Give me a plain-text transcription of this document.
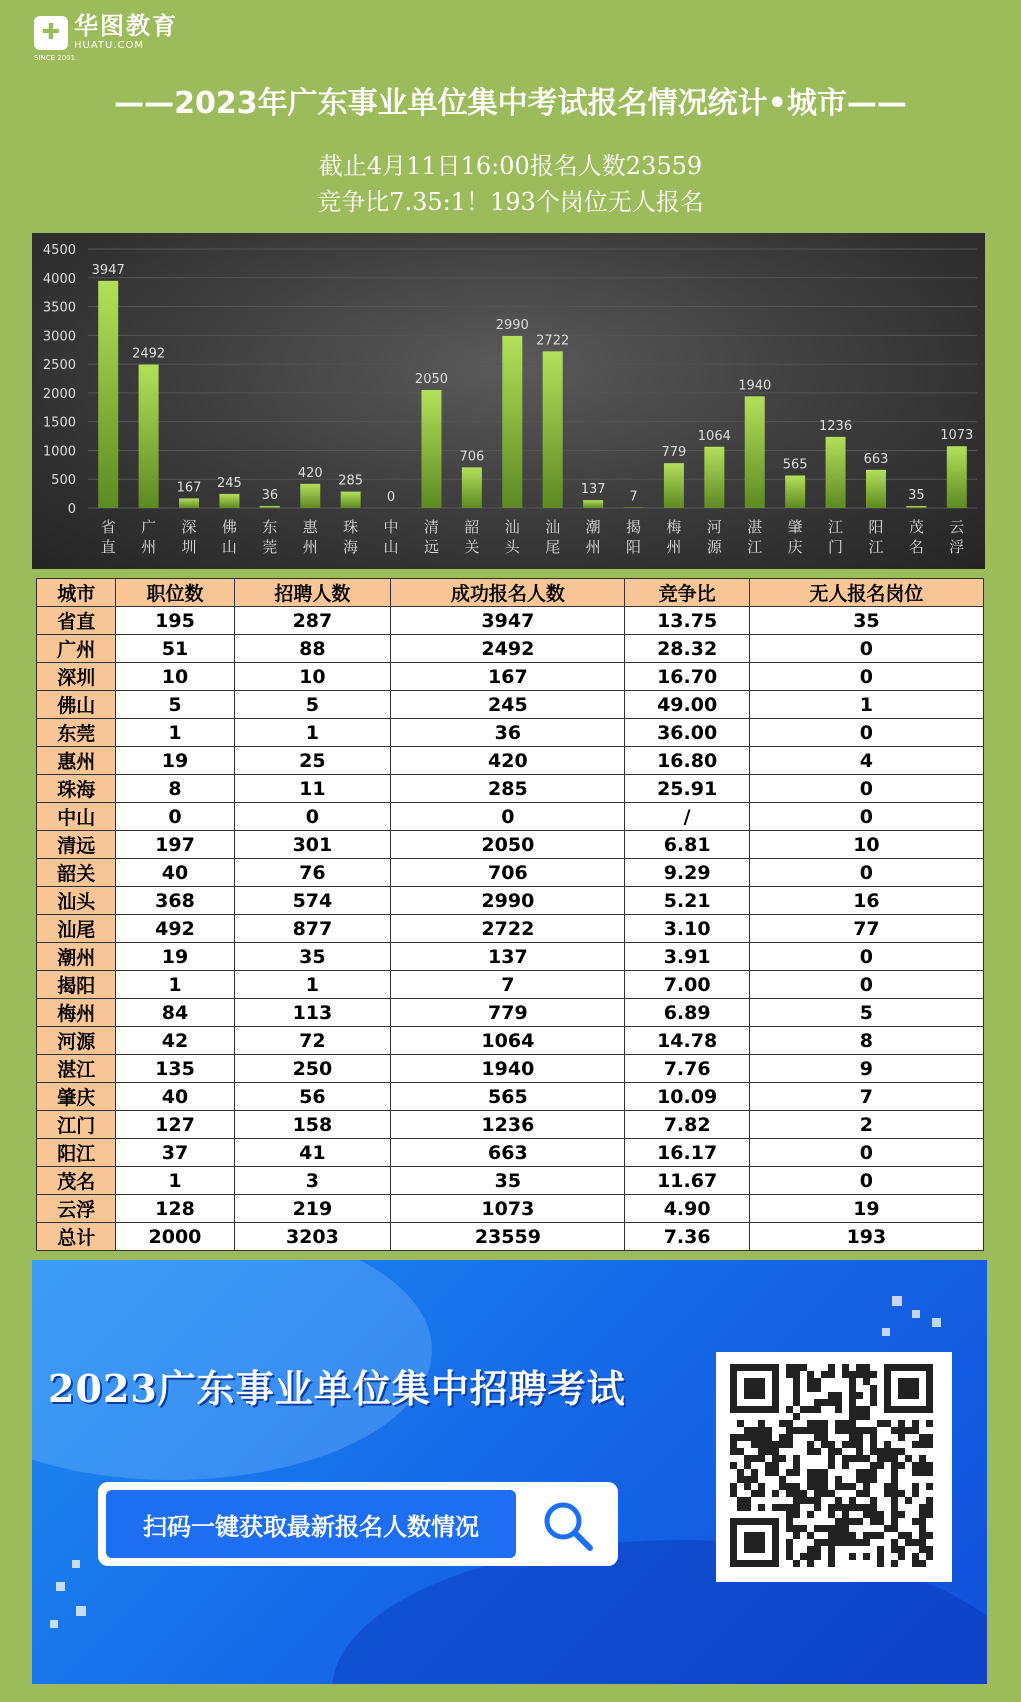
✚ 华图教育
HUATU.COM
SINCE 2001
——2023年广东事业单位集中考试报名情况统计•城市——
截止4月11日16:00报名人数23559
竞争比7.35:1！193个岗位无人报名
0
500
1000
1500
2000
2500
3000
3500
4000
4500
3947
省
直
2492
广
州
167
深
圳
245
佛
山
36
东
莞
420
惠
州
285
珠
海
0
中
山
2050
清
远
706
韶
关
2990
汕
头
2722
汕
尾
137
潮
州
7
揭
阳
779
梅
州
1064
河
源
1940
湛
江
565
肇
庆
1236
江
门
663
阳
江
35
茂
名
1073
云
浮
城市	职位数	招聘人数	成功报名人数	竞争比	无人报名岗位
省直	195	287	3947	13.75	35
广州	51	88	2492	28.32	0
深圳	10	10	167	16.70	0
佛山	5	5	245	49.00	1
东莞	1	1	36	36.00	0
惠州	19	25	420	16.80	4
珠海	8	11	285	25.91	0
中山	0	0	0	/	0
清远	197	301	2050	6.81	10
韶关	40	76	706	9.29	0
汕头	368	574	2990	5.21	16
汕尾	492	877	2722	3.10	77
潮州	19	35	137	3.91	0
揭阳	1	1	7	7.00	0
梅州	84	113	779	6.89	5
河源	42	72	1064	14.78	8
湛江	135	250	1940	7.76	9
肇庆	40	56	565	10.09	7
江门	127	158	1236	7.82	2
阳江	37	41	663	16.17	0
茂名	1	3	35	11.67	0
云浮	128	219	1073	4.90	19
总计	2000	3203	23559	7.36	193
2023广东事业单位集中招聘考试
扫码一键获取最新报名人数情况
